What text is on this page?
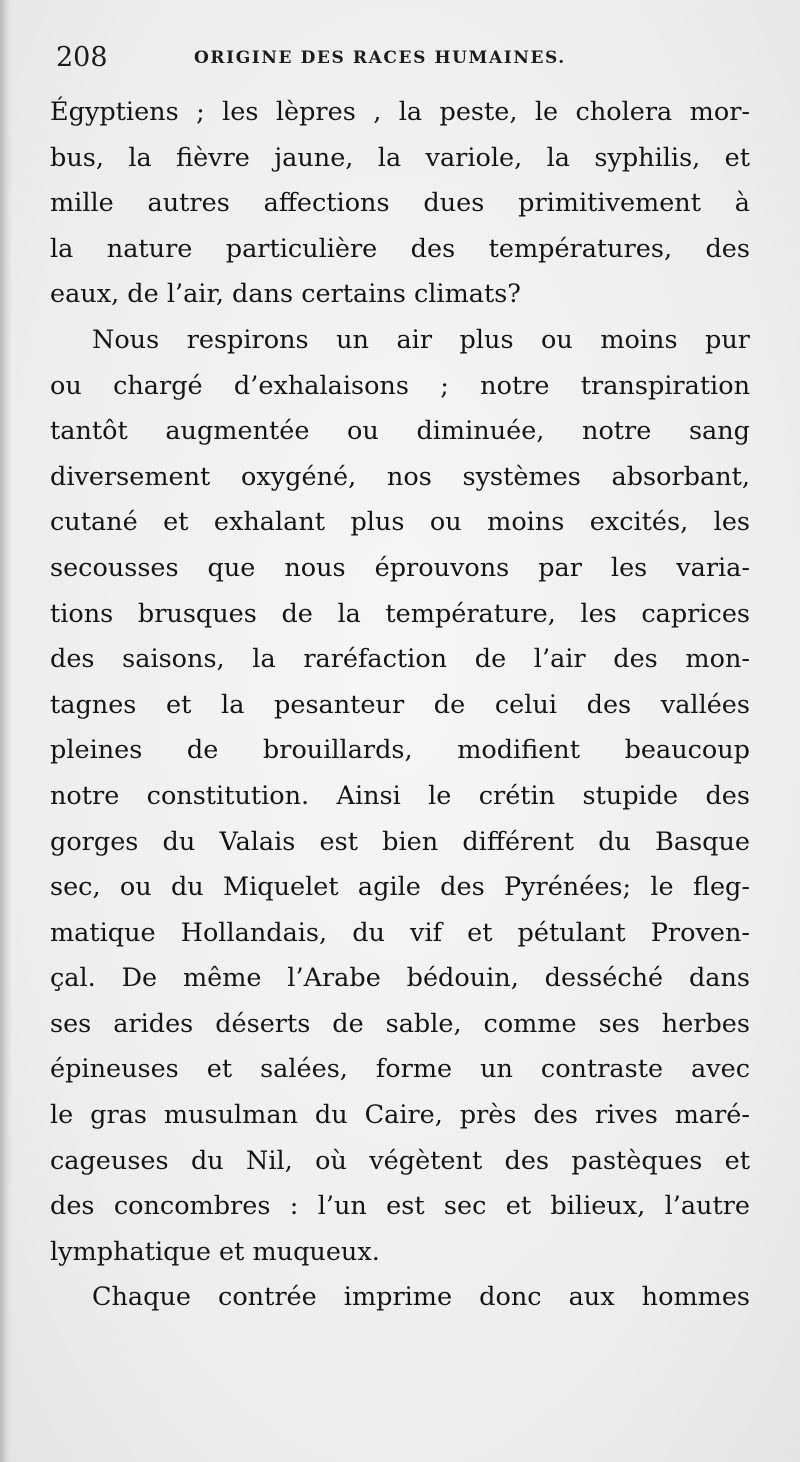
208	ORIGINE DES RACES HUMAINES.
Égyptiens ; les lèpres , la peste, le cholera mor-
bus, la fièvre jaune, la variole, la syphilis, et
mille autres affections dues primitivement à
la nature particulière des températures, des
eaux, de l’air, dans certains climats?
Nous respirons un air plus ou moins pur
ou chargé d’exhalaisons ; notre transpiration
tantôt augmentée ou diminuée, notre sang
diversement oxygéné, nos systèmes absorbant,
cutané et exhalant plus ou moins excités, les
secousses que nous éprouvons par les varia-
tions brusques de la température, les caprices
des saisons, la raréfaction de l’air des mon-
tagnes et la pesanteur de celui des vallées
pleines de brouillards, modifient beaucoup
notre constitution. Ainsi le crétin stupide des
gorges du Valais est bien différent du Basque
sec, ou du Miquelet agile des Pyrénées; le fleg-
matique Hollandais, du vif et pétulant Proven-
çal. De même l’Arabe bédouin, desséché dans
ses arides déserts de sable, comme ses herbes
épineuses et salées, forme un contraste avec
le gras musulman du Caire, près des rives maré-
cageuses du Nil, où végètent des pastèques et
des concombres : l’un est sec et bilieux, l’autre
lymphatique et muqueux.
Chaque contrée imprime donc aux hommes
